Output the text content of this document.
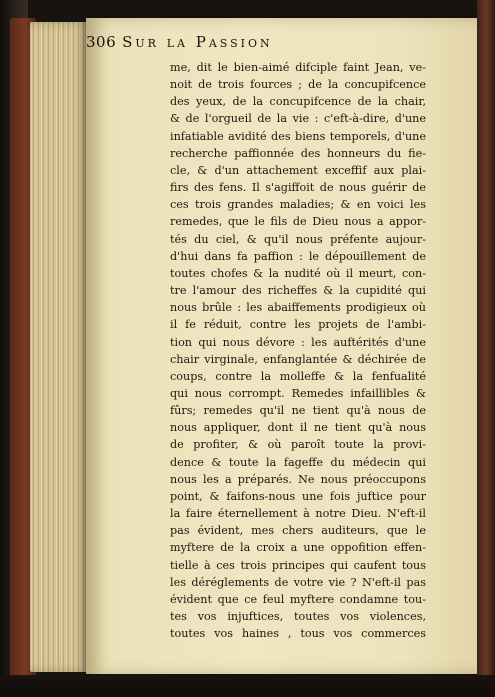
306 Sur la Passion
me, dit le bien-aimé difciple faint Jean, ve-
noit de trois fources ; de la concupifcence
des yeux, de la concupifcence de la chair,
& de l'orgueil de la vie : c'eft-à-dire, d'une
infatiable avidité des biens temporels, d'une
recherche paffionnée des honneurs du fie-
cle, & d'un attachement exceffif aux plai-
firs des fens. Il s'agiffoit de nous guérir de
ces trois grandes maladies; & en voici les
remedes, que le fils de Dieu nous a appor-
tés du ciel, & qu'il nous préfente aujour-
d'hui dans fa paffion : le dépouillement de
toutes chofes & la nudité où il meurt, con-
tre l'amour des richeffes & la cupidité qui
nous brûle : les abaiffements prodigieux où
il fe réduit, contre les projets de l'ambi-
tion qui nous dévore : les auftérités d'une
chair virginale, enfanglantée & déchirée de
coups, contre la molleffe & la fenfualité
qui nous corrompt. Remedes infaillibles &
fûrs; remedes qu'il ne tient qu'à nous de
nous appliquer, dont il ne tient qu'à nous
de profiter, & où paroît toute la provi-
dence & toute la fageffe du médecin qui
nous les a préparés. Ne nous préoccupons
point, & faifons-nous une fois juftice pour
la faire éternellement à notre Dieu. N'eft-il
pas évident, mes chers auditeurs, que le
myftere de la croix a une oppofition effen-
tielle à ces trois principes qui caufent tous
les déréglements de votre vie ? N'eft-il pas
évident que ce feul myftere condamne tou-
tes vos injuftices, toutes vos violences,
toutes vos haines , tous vos commerces
